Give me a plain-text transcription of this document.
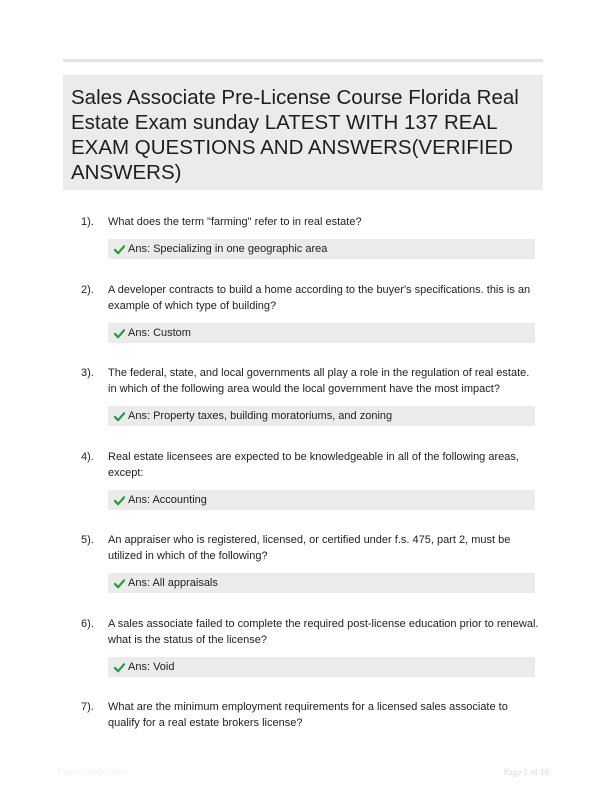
Sales Associate Pre-License Course Florida Real Estate Exam sunday LATEST WITH 137 REAL EXAM QUESTIONS AND ANSWERS(VERIFIED ANSWERS)
1). What does the term "farming" refer to in real estate?
Ans: Specializing in one geographic area
2). A developer contracts to build a home according to the buyer's specifications. this is an example of which type of building?
Ans: Custom
3). The federal, state, and local governments all play a role in the regulation of real estate. in which of the following area would the local government have the most impact?
Ans: Property taxes, building moratoriums, and zoning
4). Real estate licensees are expected to be knowledgeable in all of the following areas, except:
Ans: Accounting
5). An appraiser who is registered, licensed, or certified under f.s. 475, part 2, must be utilized in which of the following?
Ans: All appraisals
6). A sales associate failed to complete the required post-license education prior to renewal. what is the status of the license?
Ans: Void
7). What are the minimum employment requirements for a licensed sales associate to qualify for a real estate brokers license?
PaperStudio.com	Page 1 of 18
